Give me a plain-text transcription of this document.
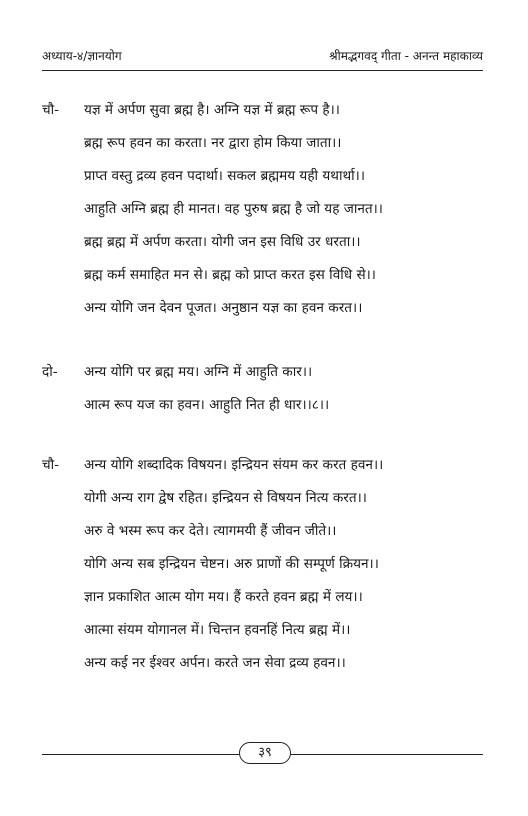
अध्याय-४/ज्ञानयोग	श्रीमद्भगवद् गीता - अनन्त महाकाव्य
चौ-	यज्ञ में अर्पण सुवा ब्रह्म है। अग्नि यज्ञ में ब्रह्म रूप है।।
ब्रह्म रूप हवन का करता। नर द्वारा होम किया जाता।।
प्राप्त वस्तु द्रव्य हवन पदार्था। सकल ब्रह्ममय यही यथार्था।।
आहुति अग्नि ब्रह्म ही मानत। वह पुरुष ब्रह्म है जो यह जानत।।
ब्रह्म ब्रह्म में अर्पण करता। योगी जन इस विधि उर धरता।।
ब्रह्म कर्म समाहित मन से। ब्रह्म को प्राप्त करत इस विधि से।।
अन्य योगि जन देवन पूजत। अनुष्ठान यज्ञ का हवन करत।।
दो-	अन्य योगि पर ब्रह्म मय। अग्नि में आहुति कार।।
आत्म रूप यज का हवन। आहुति नित ही धार।।८।।
चौ-	अन्य योगि शब्दादिक विषयन। इन्द्रियन संयम कर करत हवन।।
योगी अन्य राग द्वेष रहित। इन्द्रियन से विषयन नित्य करत।।
अरु वे भस्म रूप कर देते। त्यागमयी हैं जीवन जीते।।
योगि अन्य सब इन्द्रियन चेष्टन। अरु प्राणों की सम्पूर्ण क्रियन।।
ज्ञान प्रकाशित आत्म योग मय। हैं करते हवन ब्रह्म में लय।।
आत्मा संयम योगानल में। चिन्तन हवनहिं नित्य ब्रह्म में।।
अन्य कई नर ईश्वर अर्पन। करते जन सेवा द्रव्य हवन।।
३९
